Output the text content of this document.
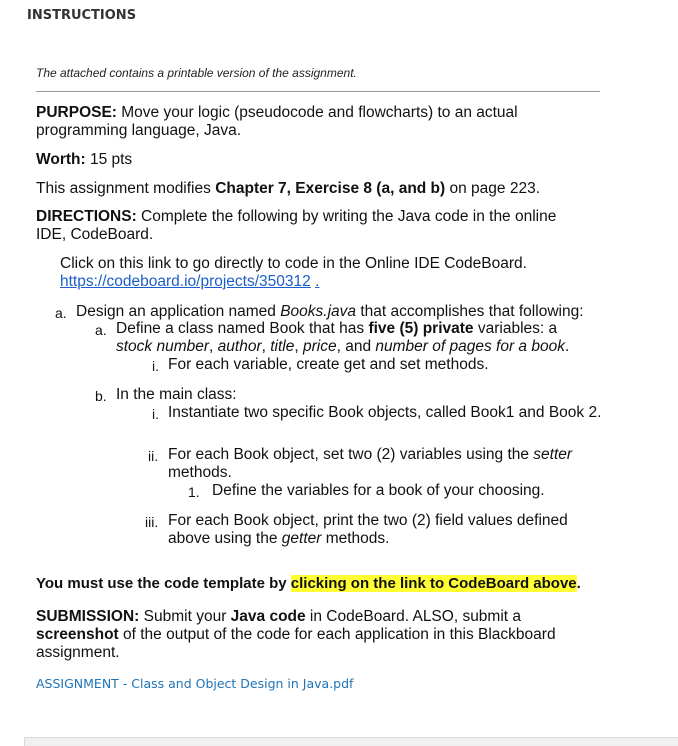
INSTRUCTIONS
The attached contains a printable version of the assignment.

PURPOSE: Move your logic (pseudocode and flowcharts) to an actual programming language, Java.

Worth: 15 pts

This assignment modifies Chapter 7, Exercise 8 (a, and b) on page 223.

DIRECTIONS: Complete the following by writing the Java code in the online IDE, CodeBoard.

Click on this link to go directly to code in the Online IDE CodeBoard.
https://codeboard.io/projects/350312 .
a. Design an application named Books.java that accomplishes that following:
a. Define a class named Book that has five (5) private variables: a stock number, author, title, price, and number of pages for a book.
i. For each variable, create get and set methods.
b. In the main class:
i. Instantiate two specific Book objects, called Book1 and Book 2.
ii. For each Book object, set two (2) variables using the setter methods.
1. Define the variables for a book of your choosing.
iii. For each Book object, print the two (2) field values defined above using the getter methods.
You must use the code template by clicking on the link to CodeBoard above.

SUBMISSION: Submit your Java code in CodeBoard. ALSO, submit a screenshot of the output of the code for each application in this Blackboard assignment.

ASSIGNMENT - Class and Object Design in Java.pdf
